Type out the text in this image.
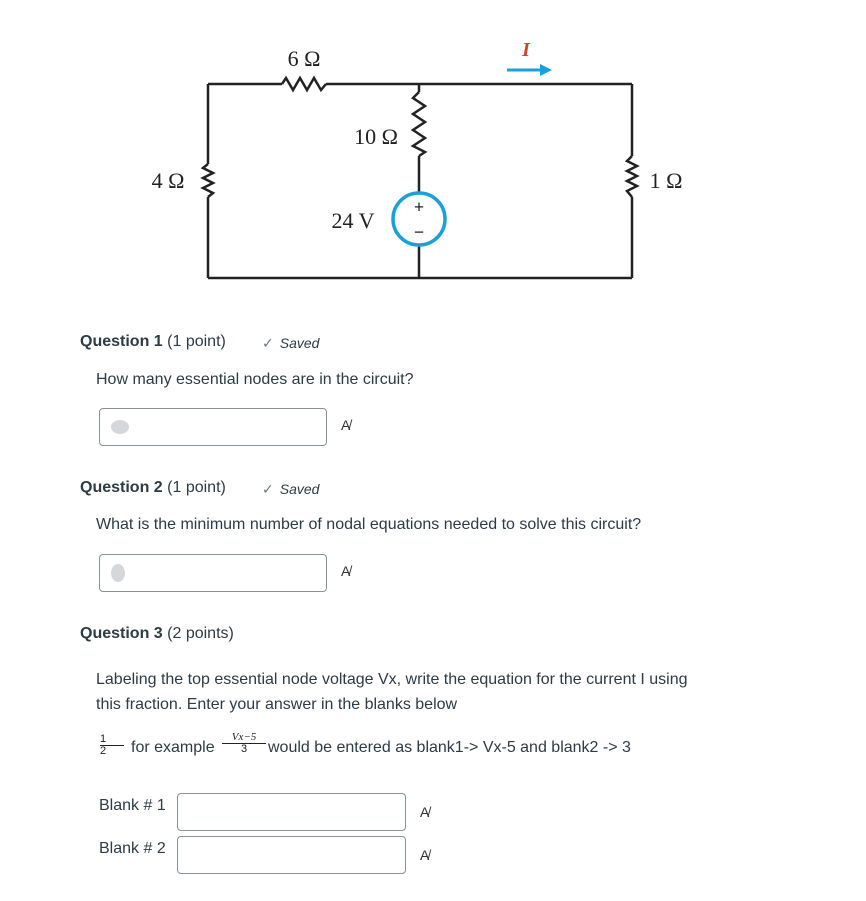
+
−
6 Ω
4 Ω
10 Ω
1 Ω
24 V
I
Question 1 (1 point)	✓ Saved
How many essential nodes are in the circuit?
A̸
Question 2 (1 point)	✓ Saved
What is the minimum number of nodal equations needed to solve this circuit?
A̸
Question 3 (2 points)
Labeling the top essential node voltage Vx, write the equation for the current I using
this fraction. Enter your answer in the blanks below
1
2	for example
Vx−5
3	would be entered as blank1-> Vx-5 and blank2 -> 3
Blank # 1	A̸
Blank # 2	A̸
